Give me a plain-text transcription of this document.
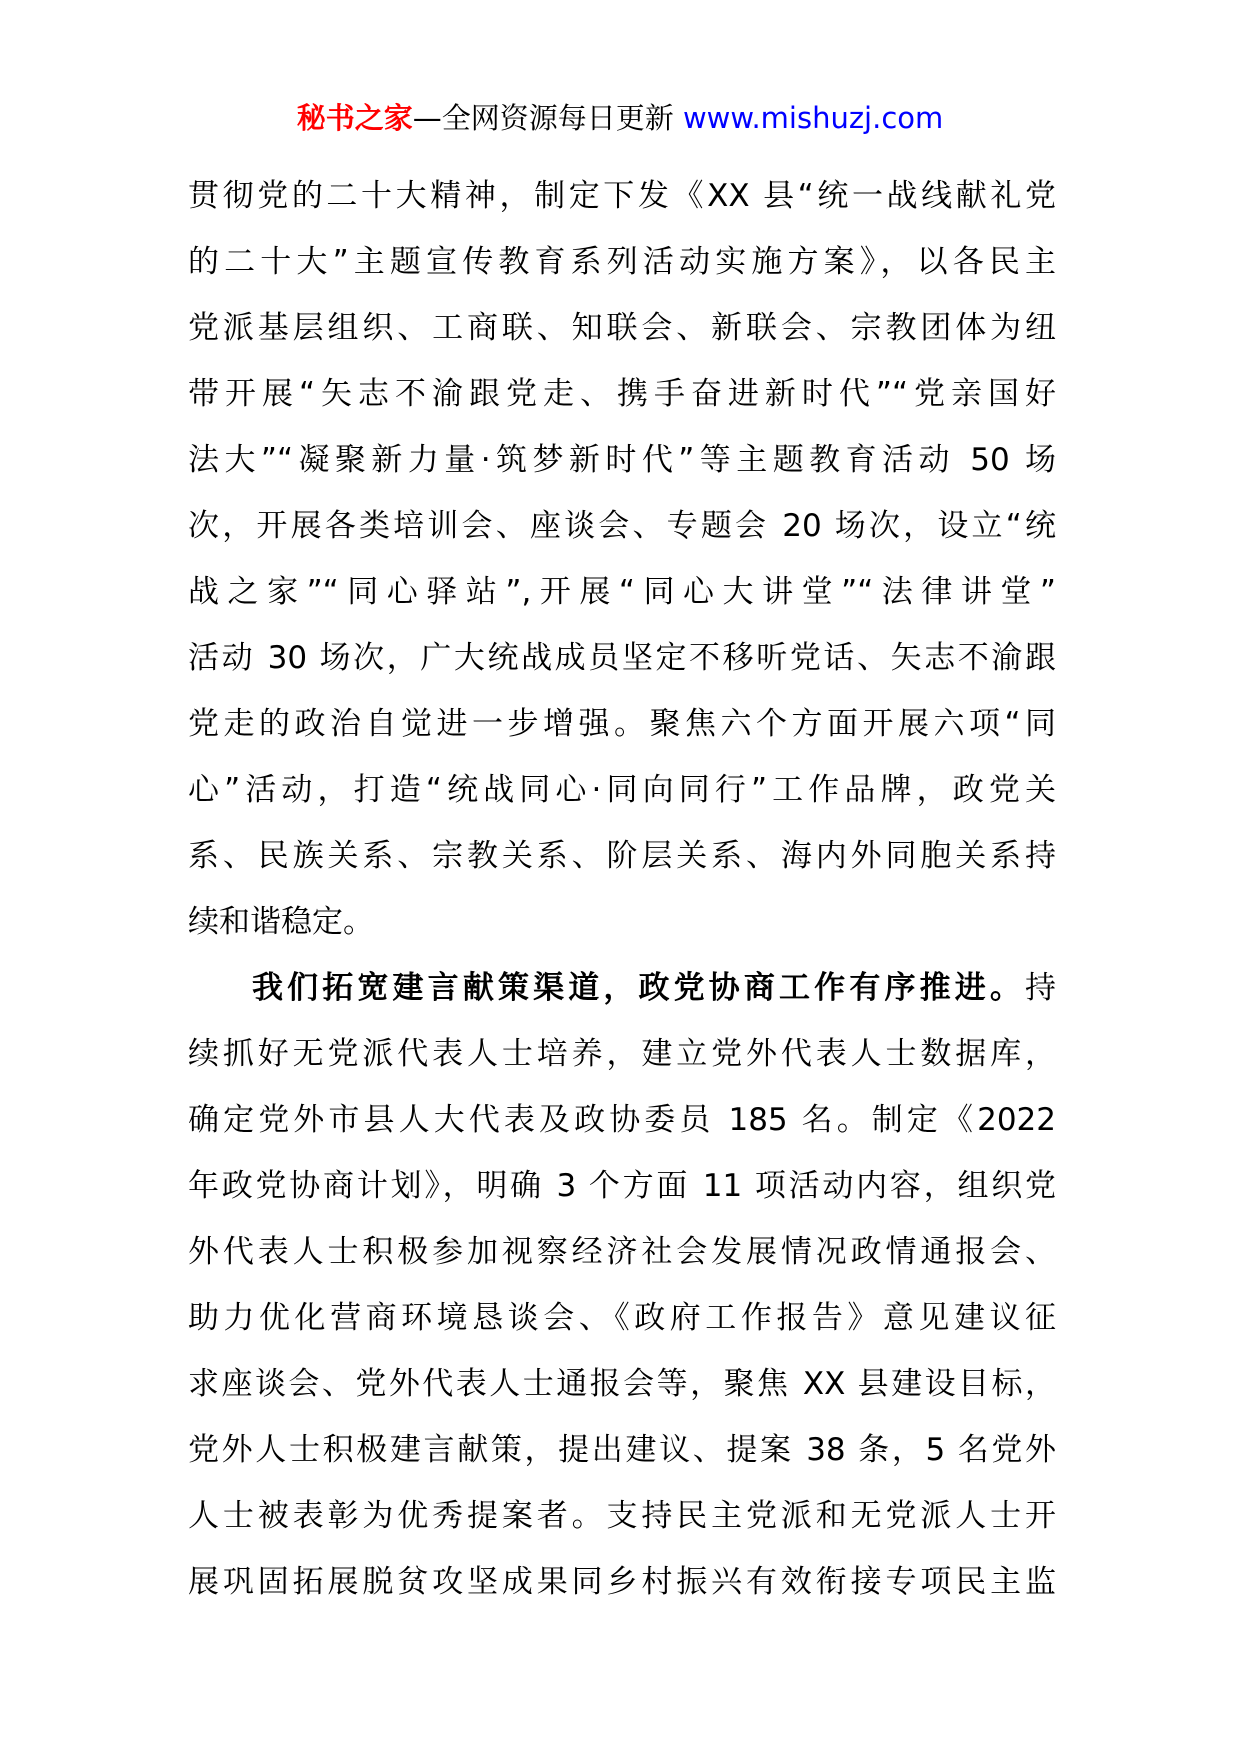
秘书之家—全网资源每日更新 www.mishuzj.com
贯彻党的二十大精神，制定下发《XX 县“统一战线献礼党
的二十大”主题宣传教育系列活动实施方案》，以各民主
党派基层组织、工商联、知联会、新联会、宗教团体为纽
带开展“矢志不渝跟党走、携手奋进新时代”“党亲国好
法大”“凝聚新力量·筑梦新时代”等主题教育活动 50 场
次，开展各类培训会、座谈会、专题会 20 场次，设立“统
战之家”“同心驿站”,开展“同心大讲堂”“法律讲堂”
活动 30 场次，广大统战成员坚定不移听党话、矢志不渝跟
党走的政治自觉进一步增强。聚焦六个方面开展六项“同
心”活动，打造“统战同心·同向同行”工作品牌，政党关
系、民族关系、宗教关系、阶层关系、海内外同胞关系持
续和谐稳定。
我们拓宽建言献策渠道，政党协商工作有序推进。持
续抓好无党派代表人士培养，建立党外代表人士数据库，
确定党外市县人大代表及政协委员 185 名。制定《2022
年政党协商计划》，明确 3 个方面 11 项活动内容，组织党
外代表人士积极参加视察经济社会发展情况政情通报会、
助力优化营商环境恳谈会、《政府工作报告》意见建议征
求座谈会、党外代表人士通报会等，聚焦 XX 县建设目标，
党外人士积极建言献策，提出建议、提案 38 条，5 名党外
人士被表彰为优秀提案者。支持民主党派和无党派人士开
展巩固拓展脱贫攻坚成果同乡村振兴有效衔接专项民主监
